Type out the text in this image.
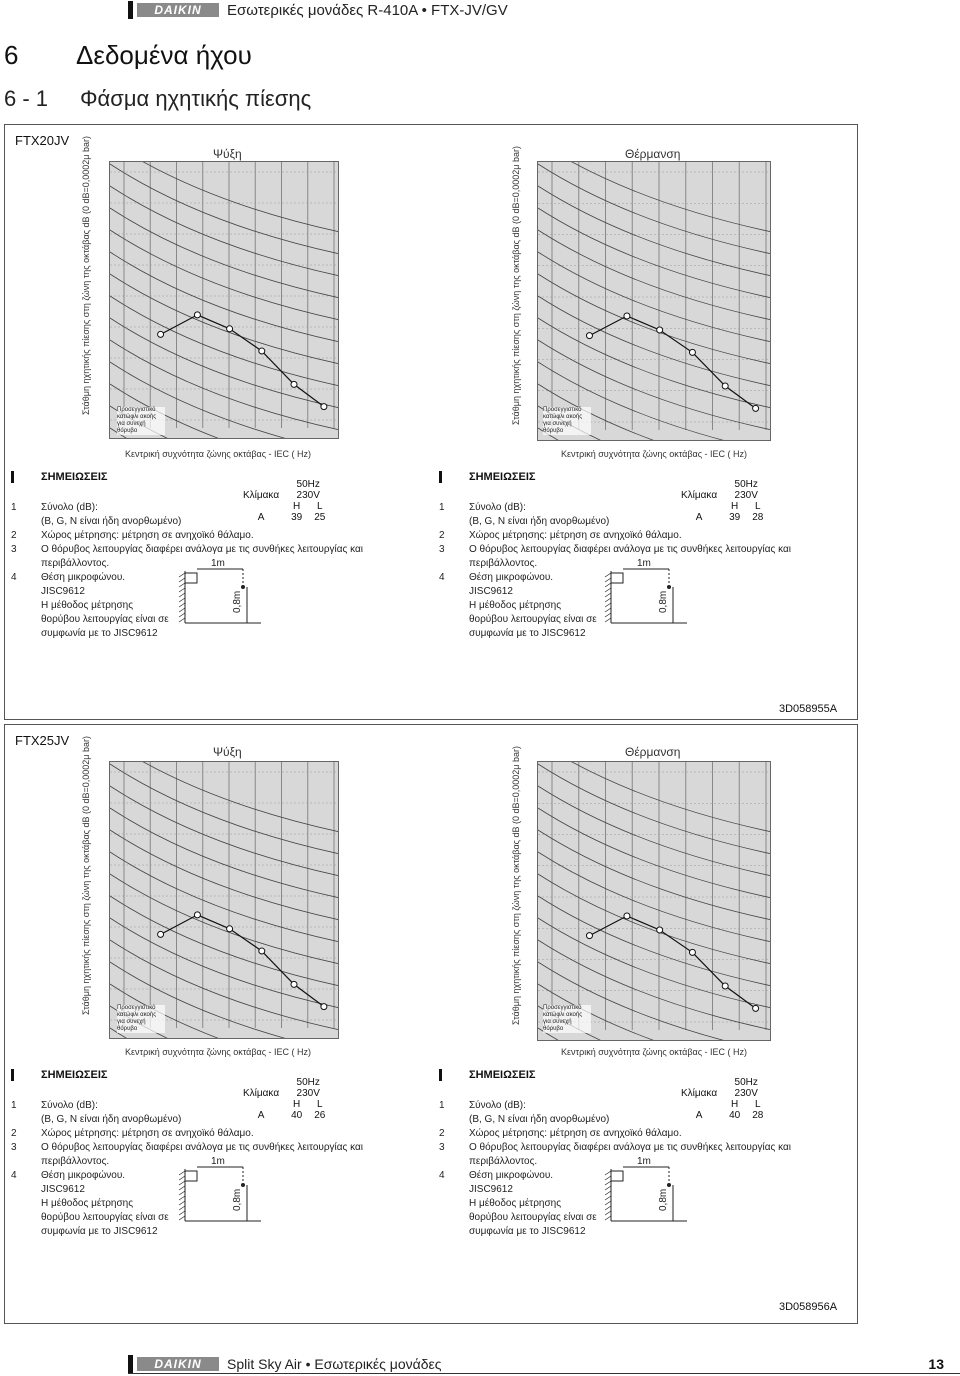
DAIKIN	Εσωτερικές μονάδες R-410A • FTX-JV/GV
6 Δεδομένα ήχου
6 - 1 Φάσμα ηχητικής πίεσης
FTX20JV
Ψύξη
Στάθμη ηχητικής πίεσης στη ζώνη της οκτάβας dB (0 dB=0,0002μ bar)	Προσεγγιστικό κατώφλι ακοής για συνεχή θόρυβο
Κεντρική συχνότητα ζώνης οκτάβας - IEC ( Hz)
Θέρμανση
Στάθμη ηχητικής πίεσης στη ζώνη της οκτάβας dB (0 dB=0,0002μ bar)	Προσεγγιστικό κατώφλι ακοής για συνεχή θόρυβο
Κεντρική συχνότητα ζώνης οκτάβας - IEC ( Hz)
ΣΗΜΕΙΩΣΕΙΣ
	50Hz	
Κλίμακα	230V	
	H	L
A	39	25
1 Σύνολο (dB):
(B, G, N είναι ήδη ανορθωμένο)
2 Χώρος μέτρησης: μέτρηση σε ανηχοϊκό θάλαμο.
3 Ο θόρυβος λειτουργίας διαφέρει ανάλογα με τις συνθήκες λειτουργίας και
περιβάλλοντος.
4 Θέση μικροφώνου.
JISC9612
Η μέθοδος μέτρησης
θορύβου λειτουργίας είναι σε
συμφωνία με το JISC9612
1m
0,8m
ΣΗΜΕΙΩΣΕΙΣ
	50Hz	
Κλίμακα	230V	
	H	L
A	39	28
1 Σύνολο (dB):
(B, G, N είναι ήδη ανορθωμένο)
2 Χώρος μέτρησης: μέτρηση σε ανηχοϊκό θάλαμο.
3 Ο θόρυβος λειτουργίας διαφέρει ανάλογα με τις συνθήκες λειτουργίας και
περιβάλλοντος.
4 Θέση μικροφώνου.
JISC9612
Η μέθοδος μέτρησης
θορύβου λειτουργίας είναι σε
συμφωνία με το JISC9612
1m
0,8m
3D058955A
FTX25JV
Ψύξη
Στάθμη ηχητικής πίεσης στη ζώνη της οκτάβας dB (0 dB=0,0002μ bar)	Προσεγγιστικό κατώφλι ακοής για συνεχή θόρυβο
Κεντρική συχνότητα ζώνης οκτάβας - IEC ( Hz)
Θέρμανση
Στάθμη ηχητικής πίεσης στη ζώνη της οκτάβας dB (0 dB=0,0002μ bar)	Προσεγγιστικό κατώφλι ακοής για συνεχή θόρυβο
Κεντρική συχνότητα ζώνης οκτάβας - IEC ( Hz)
ΣΗΜΕΙΩΣΕΙΣ
	50Hz	
Κλίμακα	230V	
	H	L
A	40	26
1 Σύνολο (dB):
(B, G, N είναι ήδη ανορθωμένο)
2 Χώρος μέτρησης: μέτρηση σε ανηχοϊκό θάλαμο.
3 Ο θόρυβος λειτουργίας διαφέρει ανάλογα με τις συνθήκες λειτουργίας και
περιβάλλοντος.
4 Θέση μικροφώνου.
JISC9612
Η μέθοδος μέτρησης
θορύβου λειτουργίας είναι σε
συμφωνία με το JISC9612
1m
0,8m
ΣΗΜΕΙΩΣΕΙΣ
	50Hz	
Κλίμακα	230V	
	H	L
A	40	28
1 Σύνολο (dB):
(B, G, N είναι ήδη ανορθωμένο)
2 Χώρος μέτρησης: μέτρηση σε ανηχοϊκό θάλαμο.
3 Ο θόρυβος λειτουργίας διαφέρει ανάλογα με τις συνθήκες λειτουργίας και
περιβάλλοντος.
4 Θέση μικροφώνου.
JISC9612
Η μέθοδος μέτρησης
θορύβου λειτουργίας είναι σε
συμφωνία με το JISC9612
1m
0,8m
3D058956A
DAIKIN	Split Sky Air • Εσωτερικές μονάδες	13
